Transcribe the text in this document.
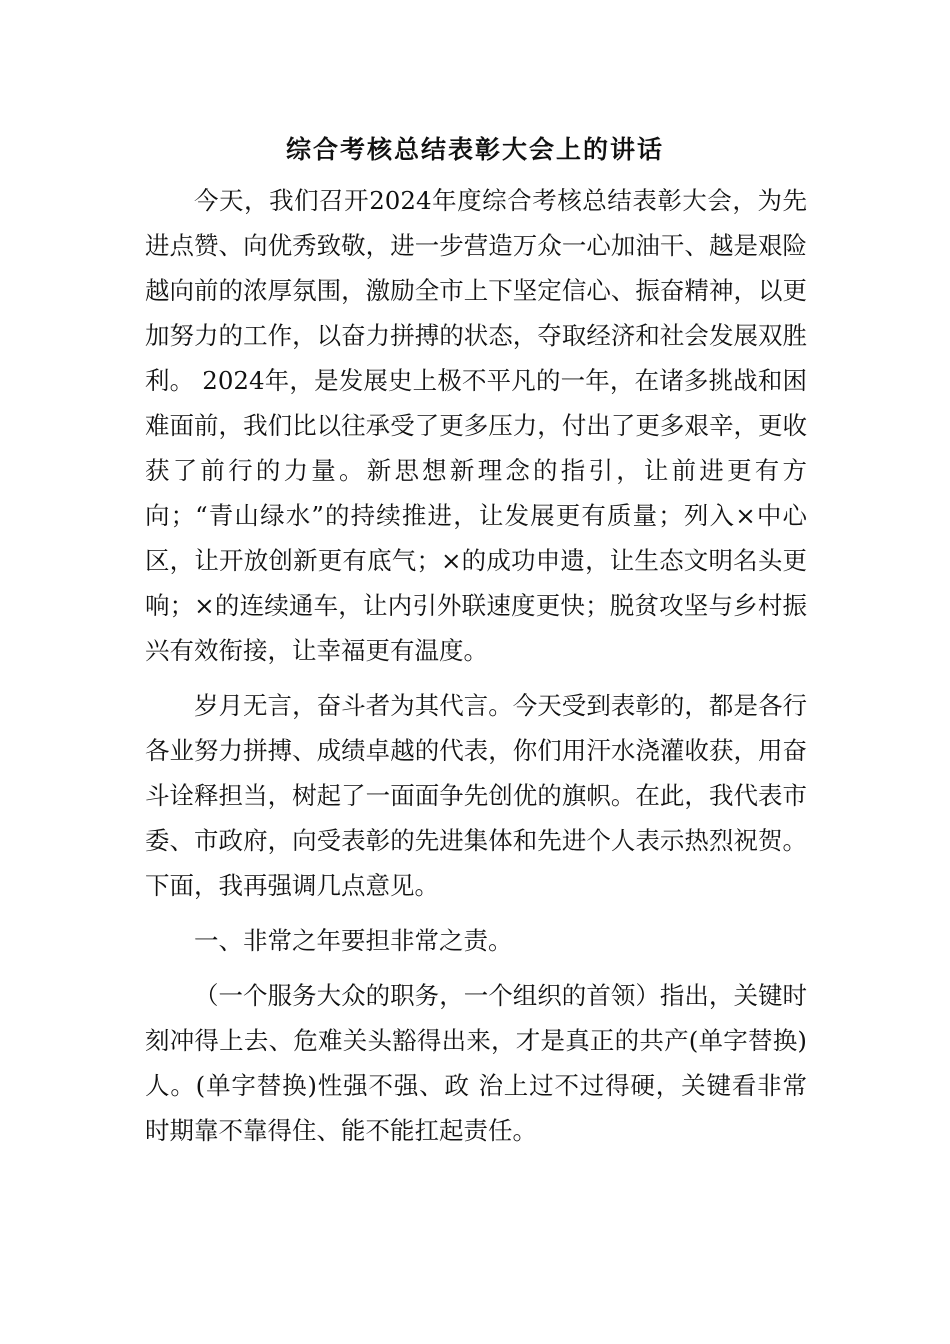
综合考核总结表彰大会上的讲话

今天，我们召开2024年度综合考核总结表彰大会，为先进点赞、向优秀致敬，进一步营造万众一心加油干、越是艰险越向前的浓厚氛围，激励全市上下坚定信心、振奋精神，以更加努力的工作，以奋力拼搏的状态，夺取经济和社会发展双胜利。 2024年，是发展史上极不平凡的一年，在诸多挑战和困难面前，我们比以往承受了更多压力，付出了更多艰辛，更收获了前行的力量。新思想新理念的指引，让前进更有方向；“青山绿水”的持续推进，让发展更有质量；列入×中心区，让开放创新更有底气；×的成功申遗，让生态文明名头更响；×的连续通车，让内引外联速度更快；脱贫攻坚与乡村振兴有效衔接，让幸福更有温度。

岁月无言，奋斗者为其代言。今天受到表彰的，都是各行各业努力拼搏、成绩卓越的代表，你们用汗水浇灌收获，用奋斗诠释担当，树起了一面面争先创优的旗帜。在此，我代表市委、市政府，向受表彰的先进集体和先进个人表示热烈祝贺。下面，我再强调几点意见。

一、非常之年要担非常之责。

（一个服务大众的职务，一个组织的首领）指出，关键时刻冲得上去、危难关头豁得出来，才是真正的共产(单字替换)人。(单字替换)性强不强、政 治上过不过得硬，关键看非常时期靠不靠得住、能不能扛起责任。
